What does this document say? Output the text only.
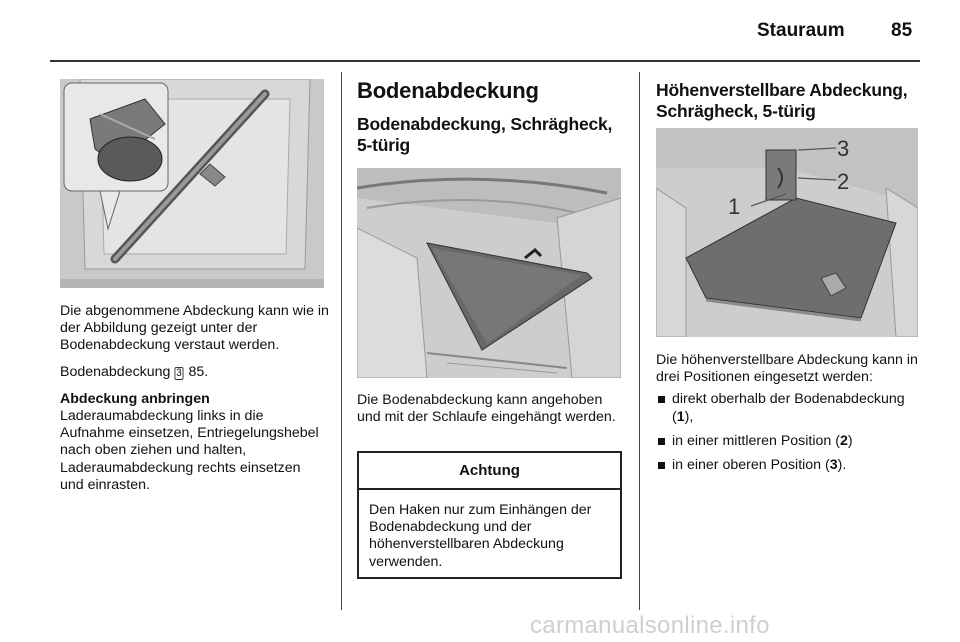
Stauraum 85

Die abgenommene Abdeckung kann wie in der Abbildung gezeigt unter der Bodenabdeckung verstaut werden.

Bodenabdeckung 3 85.

Abdeckung anbringen

Laderaumabdeckung links in die Aufnahme einsetzen, Entriegelungshebel nach oben ziehen und halten, Laderaumabdeckung rechts einsetzen und einrasten.

Bodenabdeckung
Bodenabdeckung, Schrägheck, 5-türig

Die Bodenabdeckung kann angehoben und mit der Schlaufe eingehängt werden.

Achtung

Den Haken nur zum Einhängen der Bodenabdeckung und der höhenverstellbaren Abdeckung verwenden.

Höhenverstellbare Abdeckung, Schrägheck, 5-türig
3
2
1

Die höhenverstellbare Abdeckung kann in drei Positionen eingesetzt werden:

direkt oberhalb der Bodenabdeckung (1),
in einer mittleren Position (2)
in einer oberen Position (3).
carmanualsonline.info
